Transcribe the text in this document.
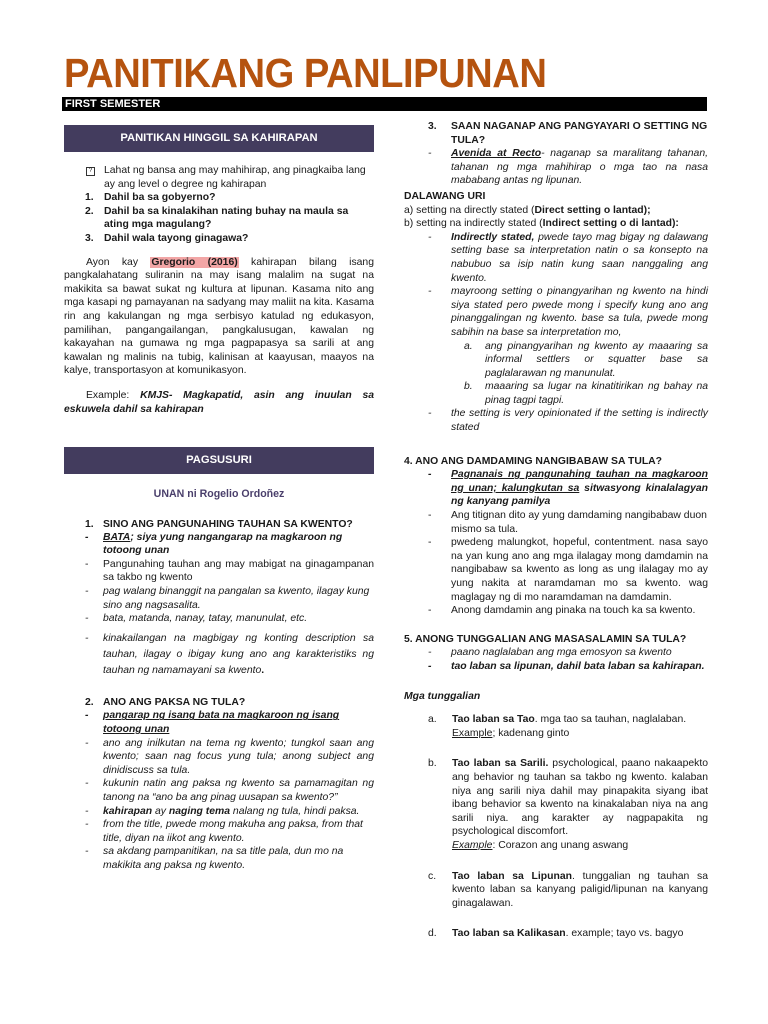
PANITIKANG PANLIPUNAN
FIRST SEMESTER
PANITIKAN HINGGIL SA KAHIRAPAN
?	Lahat ng bansa ang may mahihirap, ang pinagkaiba lang ay ang level o degree ng kahirapan
1. Dahil ba sa gobyerno?
2. Dahil ba sa kinalakihan nating buhay na maula sa ating mga magulang?
3. Dahil wala tayong ginagawa?

Ayon kay Gregorio (2016) kahirapan bilang isang pangkalahatang suliranin na may isang malalim na sugat na makikita sa bawat sukat ng kultura at lipunan. Kasama nito ang mga kasapi ng pamayanan na sadyang may maliit na kita. Kasama rin ang kakulangan ng mga serbisyo katulad ng edukasyon, pamilihan, pangangailangan, pangkalusugan, kawalan ng kakayahan na gumawa ng mga pagpapasya sa sarili at ang kawalan ng malinis na tubig, kalinisan at kaayusan, maayos na kalye, transportasyon at komunikasyon.

Example: KMJS- Magkapatid, asin ang inuulan sa eskuwela dahil sa kahirapan

PAGSUSURI
UNAN ni Rogelio Ordoñez
1. SINO ANG PANGUNAHING TAUHAN SA KWENTO?
- BATA; siya yung nangangarap na magkaroon ng totoong unan
- Pangunahing tauhan ang may mabigat na ginagampanan sa takbo ng kwento
- pag walang binanggit na pangalan sa kwento, ilagay kung sino ang nagsasalita.
- bata, matanda, nanay, tatay, manunulat, etc.
- kinakailangan na magbigay ng konting description sa tauhan, ilagay o ibigay kung ano ang karakteristiks ng tauhan ng namamayani sa kwento.
2. ANO ANG PAKSA NG TULA?
- pangarap ng isang bata na magkaroon ng isang totoong unan
- ano ang inilkutan na tema ng kwento; tungkol saan ang kwento; saan nag focus yung tula; anong subject ang dinidiscuss sa tula.
- kukunin natin ang paksa ng kwento sa pamamagitan ng tanong na “ano ba ang pinag uusapan sa kwento?”
- kahirapan ay naging tema nalang ng tula, hindi paksa.
- from the title, pwede mong makuha ang paksa, from that title, diyan na iikot ang kwento.
- sa akdang pampanitikan, na sa title pala, dun mo na makikita ang paksa ng kwento.
3. SAAN NAGANAP ANG PANGYAYARI O SETTING NG TULA?
- Avenida at Recto- naganap sa maralitang tahanan, tahanan ng mga mahihirap o mga tao na nasa mababang antas ng lipunan.
DALAWANG URI
a) setting na directly stated (Direct setting o lantad);
b) setting na indirectly stated (Indirect setting o di lantad):
- Indirectly stated, pwede tayo mag bigay ng dalawang setting base sa interpretation natin o sa konsepto na nabubuo sa isip natin kung saan nanggaling ang kwento.
- mayroong setting o pinangyarihan ng kwento na hindi siya stated pero pwede mong i specify kung ano ang pinanggalingan ng kwento. base sa tula, pwede mong sabihin na base sa interpretation mo,
a. ang pinangyarihan ng kwento ay maaaring sa informal settlers or squatter base sa paglalarawan ng manunulat.
b. maaaring sa lugar na kinatitirikan ng bahay na pinag tagpi tagpi.
- the setting is very opinionated if the setting is indirectly stated
4. ANO ANG DAMDAMING NANGIBABAW SA TULA?
- Pagnanais ng pangunahing tauhan na magkaroon ng unan; kalungkutan sa sitwasyong kinalalagyan ng kanyang pamilya
- Ang titignan dito ay yung damdaming nangibabaw duon mismo sa tula.
- pwedeng malungkot, hopeful, contentment. nasa sayo na yan kung ano ang mga ilalagay mong damdamin na nangibabaw sa kwento as long as ung ilalagay mo ay yung nakita at naramdaman mo sa kwento. wag maglagay ng di mo naramdaman na damdamin.
- Anong damdamin ang pinaka na touch ka sa kwento.
5. ANONG TUNGGALIAN ANG MASASALAMIN SA TULA?
- paano naglalaban ang mga emosyon sa kwento
- tao laban sa lipunan, dahil bata laban sa kahirapan.
Mga tunggalian
a. Tao laban sa Tao. mga tao sa tauhan, naglalaban.
Example; kadenang ginto
b. Tao laban sa Sarili. psychological, paano nakaapekto ang behavior ng tauhan sa takbo ng kwento. kalaban niya ang sarili niya dahil may pinapakita siyang ibat ibang behavior sa kwento na kinakalaban niya na ang sarili niya. ang karakter ay nagpapakita ng psychological discomfort.
Example: Corazon ang unang aswang
c. Tao laban sa Lipunan. tunggalian ng tauhan sa kwento laban sa kanyang paligid/lipunan na kanyang ginagalawan.
d. Tao laban sa Kalikasan. example; tayo vs. bagyo
